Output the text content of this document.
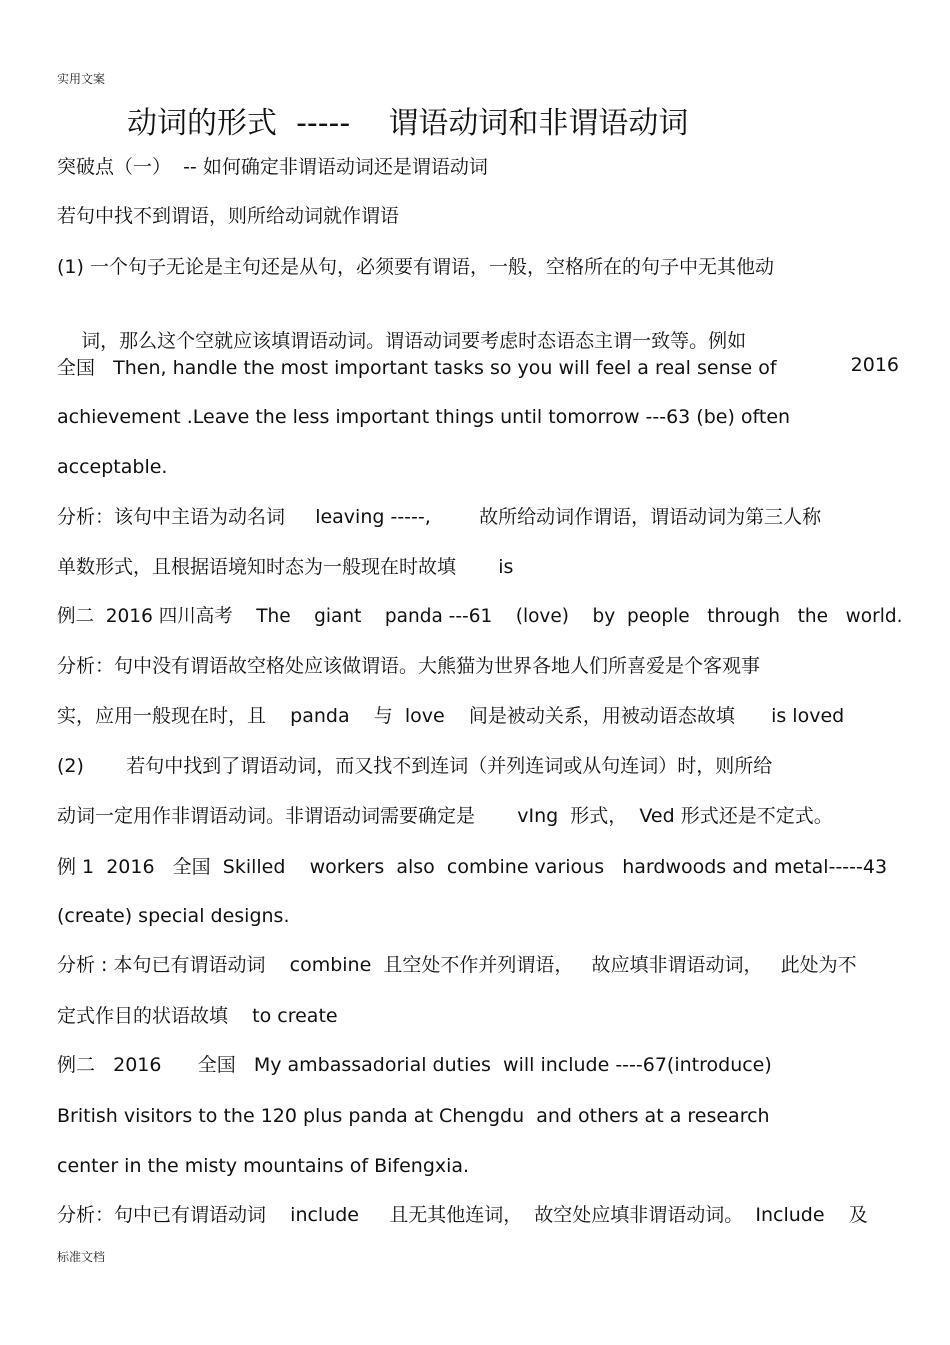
实用文案
动词的形式  -----    谓语动词和非谓语动词
突破点（一）  -- 如何确定非谓语动词还是谓语动词
若句中找不到谓语，则所给动词就作谓语
(1) 一个句子无论是主句还是从句，必须要有谓语，一般，空格所在的句子中无其他动

词，那么这个空就应该填谓语动词。谓语动词要考虑时态语态主谓一致等。例如

2016

全国   Then, handle the most important tasks so you will feel a real sense of
achievement .Leave the less important things until tomorrow ---63 (be) often
acceptable.
分析：该句中主语为动名词     leaving -----,        故所给动词作谓语，谓语动词为第三人称
单数形式，且根据语境知时态为一般现在时故填       is
例二  2016 四川高考    The    giant    panda ---61    (love)    by  people   through   the   world.
分析：句中没有谓语故空格处应该做谓语。大熊猫为世界各地人们所喜爱是个客观事
实，应用一般现在时，且    panda    与  love    间是被动关系，用被动语态故填      is loved
(2)       若句中找到了谓语动词，而又找不到连词（并列连词或从句连词）时，则所给
动词一定用作非谓语动词。非谓语动词需要确定是       vIng  形式，  Ved 形式还是不定式。
例 1  2016   全国  Skilled    workers  also  combine various   hardwoods and metal-----43
(create) special designs.
分析 : 本句已有谓语动词    combine  且空处不作并列谓语，   故应填非谓语动词，   此处为不
定式作目的状语故填    to create
例二   2016      全国   My ambassadorial duties  will include ----67(introduce)
British visitors to the 120 plus panda at Chengdu  and others at a research
center in the misty mountains of Bifengxia.
分析：句中已有谓语动词    include     且无其他连词，  故空处应填非谓语动词。  Include    及
标准文档
